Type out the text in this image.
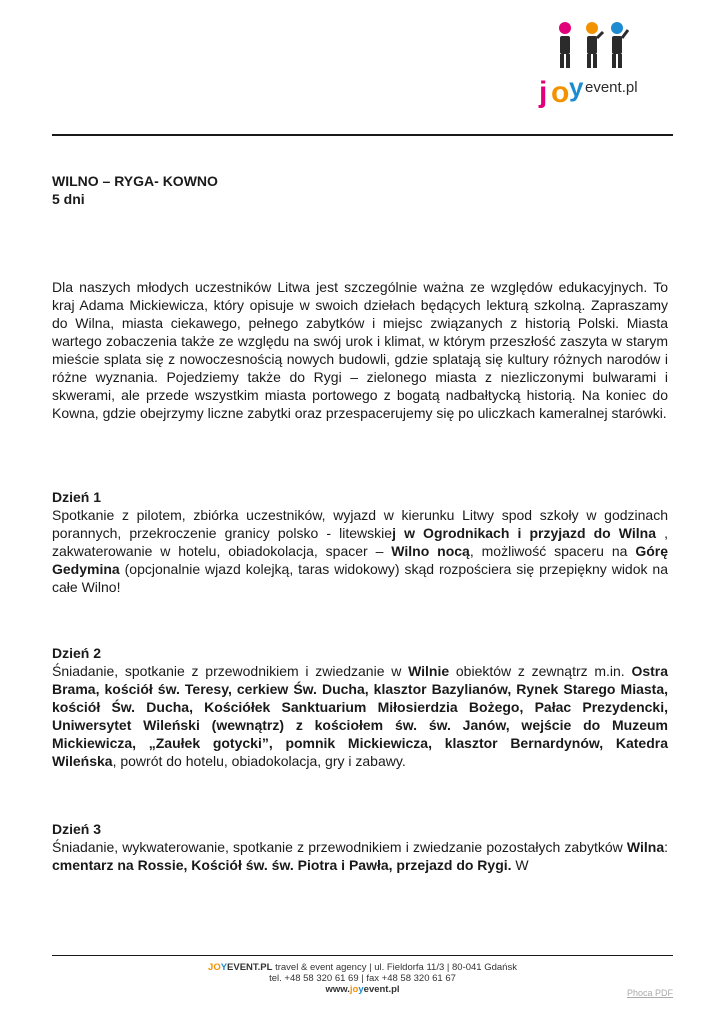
j o y event.pl

WILNO – RYGA- KOWNO

5 dni

Dla naszych młodych uczestników Litwa jest szczególnie ważna ze względów edukacyjnych. To kraj Adama Mickiewicza, który opisuje w swoich dziełach będących lekturą szkolną. Zapraszamy do Wilna, miasta ciekawego, pełnego zabytków i miejsc związanych z historią Polski. Miasta wartego zobaczenia także ze względu na swój urok i klimat, w którym przeszłość zaszyta w starym mieście splata się z nowoczesnością nowych budowli, gdzie splatają się kultury różnych narodów i różne wyznania. Pojedziemy także do Rygi – zielonego miasta z niezliczonymi bulwarami i skwerami, ale przede wszystkim miasta portowego z bogatą nadbałtycką historią. Na koniec do Kowna, gdzie obejrzymy liczne zabytki oraz przespacerujemy się po uliczkach kameralnej starówki.

Dzień 1

Spotkanie z pilotem, zbiórka uczestników, wyjazd w kierunku Litwy spod szkoły w godzinach porannych, przekroczenie granicy polsko - litewskiej w Ogrodnikach i przyjazd do Wilna , zakwaterowanie w hotelu, obiadokolacja, spacer – Wilno nocą, możliwość spaceru na Górę Gedymina (opcjonalnie wjazd kolejką, taras widokowy) skąd rozpościera się przepiękny widok na całe Wilno!

Dzień 2

Śniadanie, spotkanie z przewodnikiem i zwiedzanie w Wilnie obiektów z zewnątrz m.in. Ostra Brama, kościół św. Teresy, cerkiew Św. Ducha, klasztor Bazylianów, Rynek Starego Miasta, kościół Św. Ducha, Kościółek Sanktuarium Miłosierdzia Bożego, Pałac Prezydencki, Uniwersytet Wileński (wewnątrz) z kościołem św. św. Janów, wejście do Muzeum Mickiewicza, „Zaułek gotycki”, pomnik Mickiewicza, klasztor Bernardynów, Katedra Wileńska, powrót do hotelu, obiadokolacja, gry i zabawy.

Dzień 3

Śniadanie, wykwaterowanie, spotkanie z przewodnikiem i zwiedzanie pozostałych zabytków Wilna: cmentarz na Rossie, Kościół św. św. Piotra i Pawła, przejazd do Rygi. W

JOYEVENT.PL travel & event agency | ul. Fieldorfa 11/3 | 80-041 Gdańsk
tel. +48 58 320 61 69 | fax +48 58 320 61 67
www.joyevent.pl	Phoca PDF
